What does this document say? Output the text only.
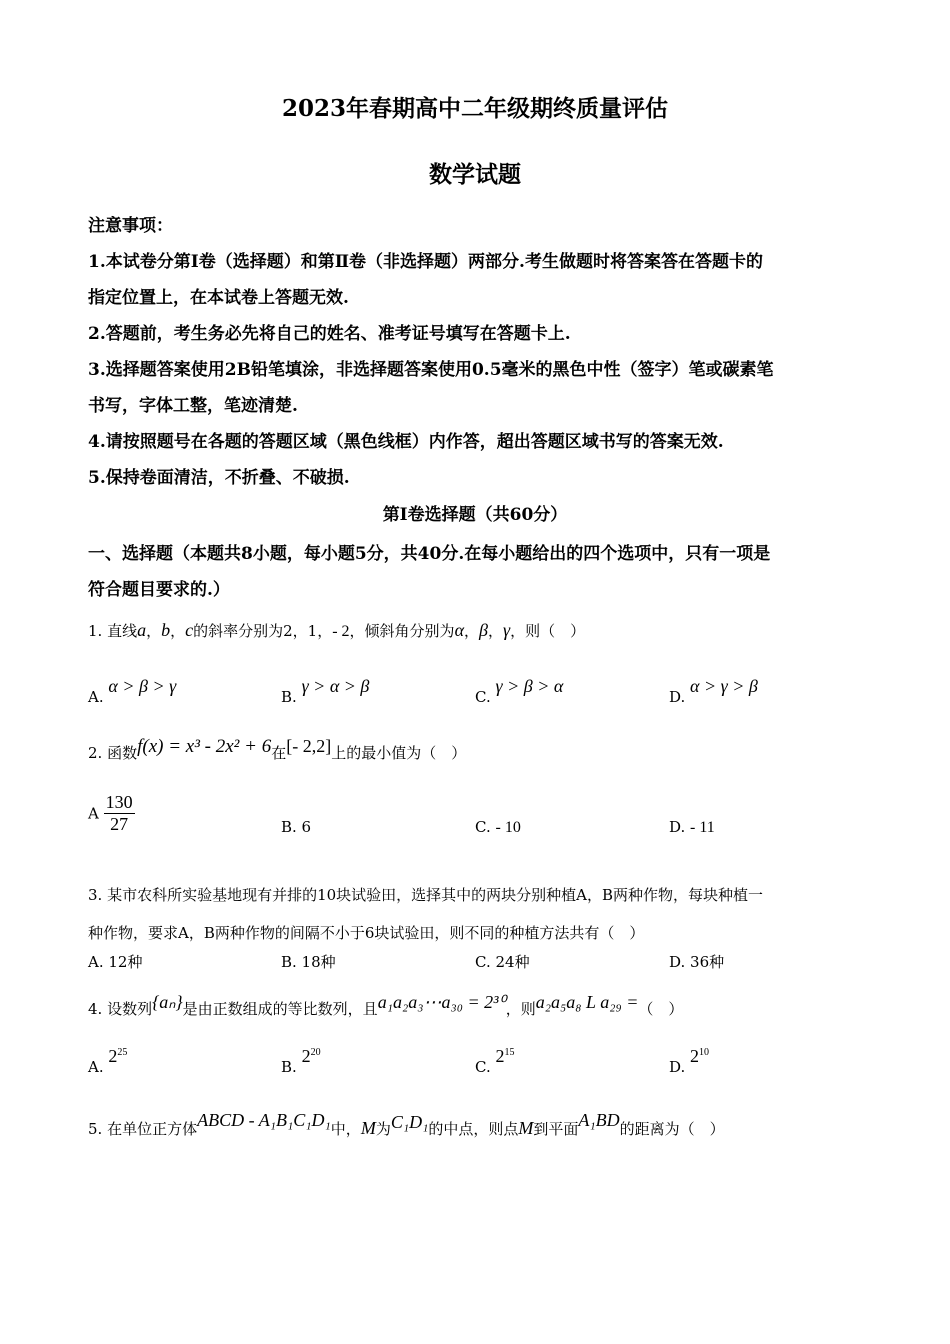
2023年春期高中二年级期终质量评估
数学试题
注意事项：
1.本试卷分第Ⅰ卷（选择题）和第Ⅱ卷（非选择题）两部分.考生做题时将答案答在答题卡的
指定位置上，在本试卷上答题无效.
2.答题前，考生务必先将自己的姓名、准考证号填写在答题卡上.
3.选择题答案使用2B铅笔填涂，非选择题答案使用0.5毫米的黑色中性（签字）笔或碳素笔
书写，字体工整，笔迹清楚.
4.请按照题号在各题的答题区域（黑色线框）内作答，超出答题区域书写的答案无效.
5.保持卷面清洁，不折叠、不破损.
第Ⅰ卷选择题（共60分）
一、选择题（本题共8小题，每小题5分，共40分.在每小题给出的四个选项中，只有一项是
符合题目要求的.）
1. 直线a，b，c的斜率分别为2，1，- 2，倾斜角分别为α，β，γ，则（　）
A. α > β > γ
B. γ > α > β
C. γ > β > α
D. α > γ > β
2. 函数f(x) = x³ - 2x² + 6在[- 2,2]上的最小值为（　）
A $\frac{130}{27}$	B. 6	C. - 10	D. - 11
3. 某市农科所实验基地现有并排的10块试验田，选择其中的两块分别种植A，B两种作物，每块种植一
种作物，要求A，B两种作物的间隔不小于6块试验田，则不同的种植方法共有（　）
A. 12种	B. 18种	C. 24种	D. 36种
4. 设数列{aₙ}是由正数组成的等比数列，且a₁a₂a₃⋯a₃₀ = 2³⁰，则a₂a₅a₈ L a₂₉ =（　）
A. $2^{25}$
B. $2^{20}$
C. $2^{15}$
D. $2^{10}$
5. 在单位正方体ABCD - A₁B₁C₁D₁中，M为C₁D₁的中点，则点M到平面A₁BD的距离为（　）
